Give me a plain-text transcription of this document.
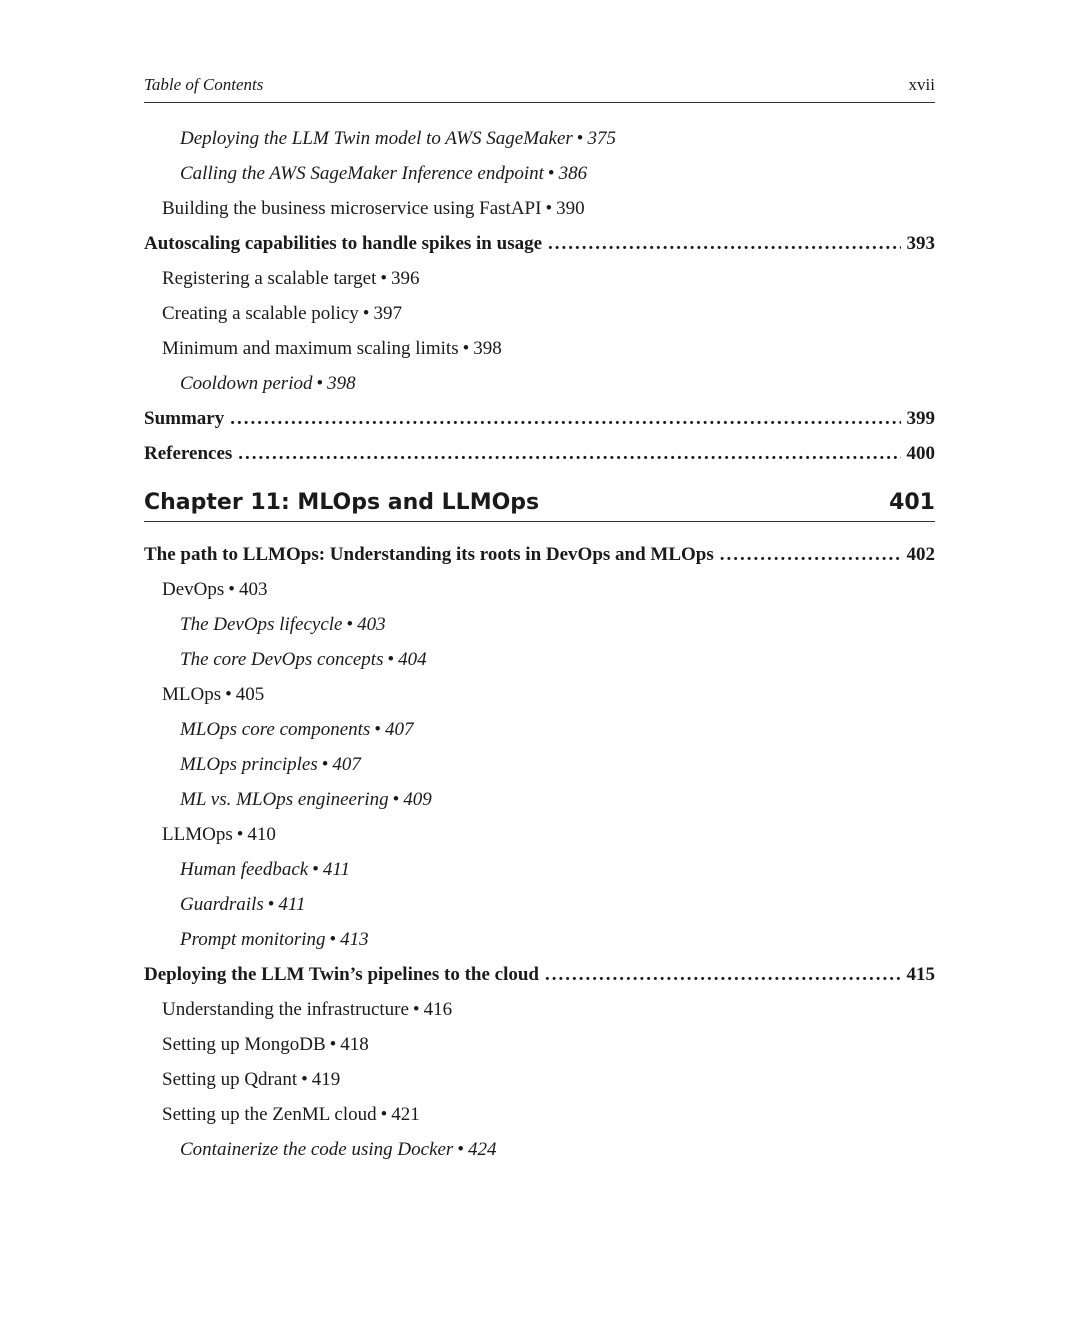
Table of Contents	xvii
Deploying the LLM Twin model to AWS SageMaker • 375
Calling the AWS SageMaker Inference endpoint • 386
Building the business microservice using FastAPI • 390
Autoscaling capabilities to handle spikes in usage .....	393
Registering a scalable target • 396
Creating a scalable policy • 397
Minimum and maximum scaling limits • 398
Cooldown period • 398
Summary .....	399
References .....	400
Chapter 11: MLOps and LLMOps	401
The path to LLMOps: Understanding its roots in DevOps and MLOps .....	402
DevOps • 403
The DevOps lifecycle • 403
The core DevOps concepts • 404
MLOps • 405
MLOps core components • 407
MLOps principles • 407
ML vs. MLOps engineering • 409
LLMOps • 410
Human feedback • 411
Guardrails • 411
Prompt monitoring • 413
Deploying the LLM Twin’s pipelines to the cloud .....	415
Understanding the infrastructure • 416
Setting up MongoDB • 418
Setting up Qdrant • 419
Setting up the ZenML cloud • 421
Containerize the code using Docker • 424
